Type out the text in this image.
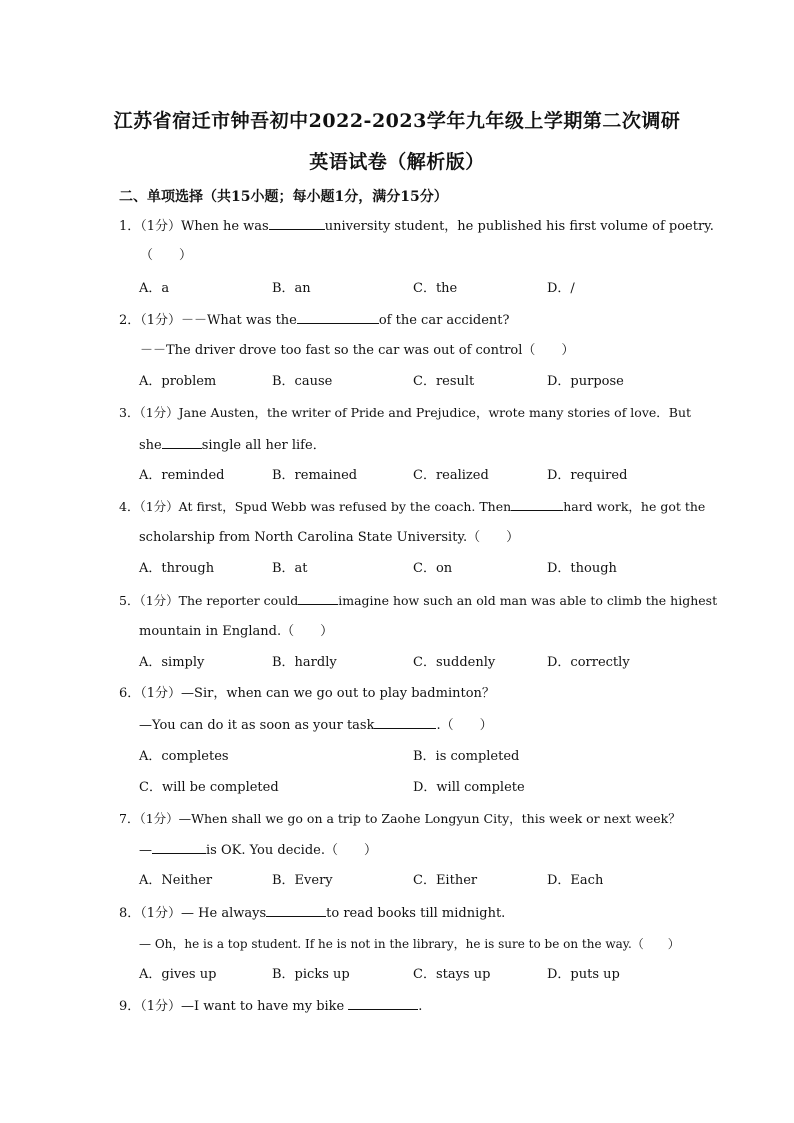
江苏省宿迁市钟吾初中2022-2023学年九年级上学期第二次调研
英语试卷（解析版）
二、单项选择（共15小题；每小题1分，满分15分）
1．（1分）When he was	university student，he published his first volume of poetry.
（　　）
A．a	B．an	C．the	D．/
2．（1分）－－What was the	of the car accident?
－－The driver drove too fast so the car was out of control（　　）
A．problem	B．cause	C．result	D．purpose
3．（1分）Jane Austen，the writer of Pride and Prejudice，wrote many stories of love．But
she	single all her life．
A．reminded	B．remained	C．realized	D．required
4．（1分）At first，Spud Webb was refused by the coach. Then	hard work，he got the
scholarship from North Carolina State University.（　　）
A．through	B．at	C．on	D．though
5．（1分）The reporter could	imagine how such an old man was able to climb the highest
mountain in England.（　　）
A．simply	B．hardly	C．suddenly	D．correctly
6．（1分）—Sir，when can we go out to play badminton？
—You can do it as soon as your task	.（　　）
A．completes	B．is completed
C．will be completed	D．will complete
7．（1分）—When shall we go on a trip to Zaohe Longyun City，this week or next week？
—	is OK. You decide.（　　）
A．Neither	B．Every	C．Either	D．Each
8．（1分）— He always	to read books till midnight.
— Oh，he is a top student. If he is not in the library，he is sure to be on the way.（　　）
A．gives up	B．picks up	C．stays up	D．puts up
9．（1分）—I want to have my bike	.
